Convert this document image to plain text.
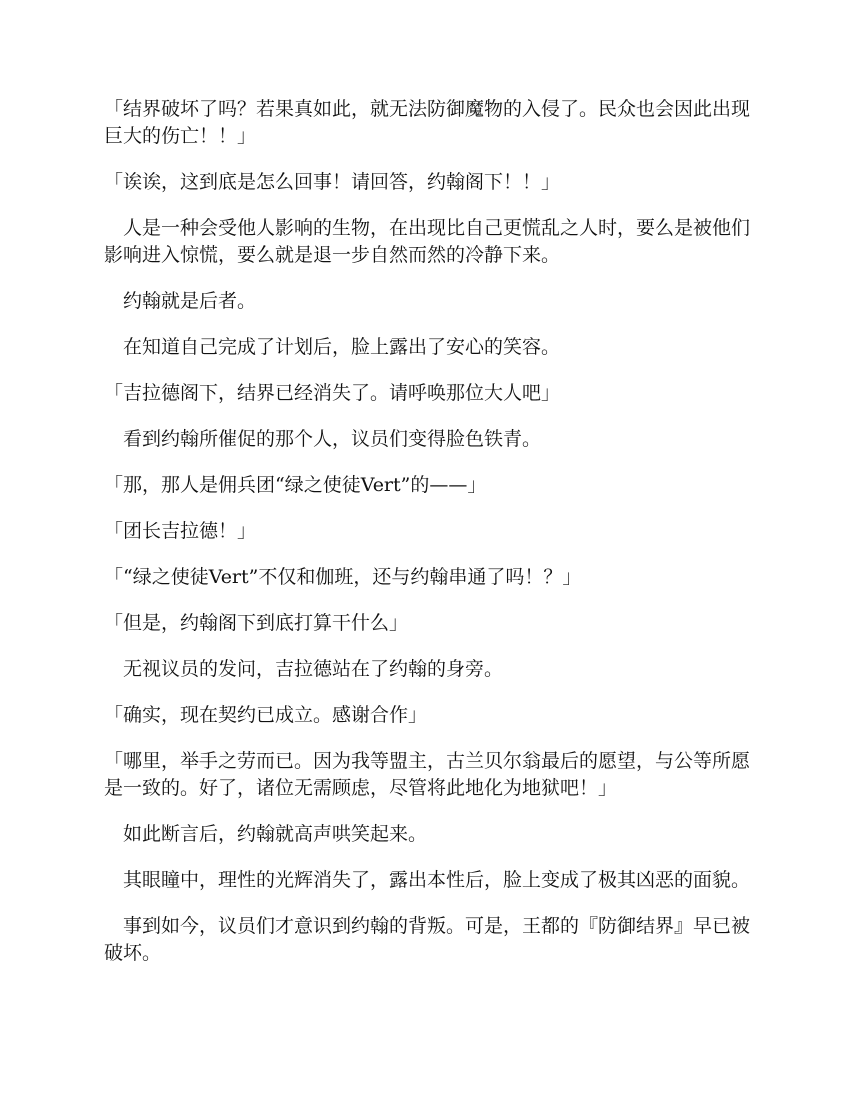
「结界破坏了吗？若果真如此，就无法防御魔物的入侵了。民众也会因此出现巨大的伤亡！！」

「诶诶，这到底是怎么回事！请回答，约翰阁下！！」

人是一种会受他人影响的生物，在出现比自己更慌乱之人时，要么是被他们影响进入惊慌，要么就是退一步自然而然的冷静下来。

约翰就是后者。

在知道自己完成了计划后，脸上露出了安心的笑容。

「吉拉德阁下，结界已经消失了。请呼唤那位大人吧」

看到约翰所催促的那个人，议员们变得脸色铁青。

「那，那人是佣兵团“绿之使徒Vert”的——」

「团长吉拉德！」

「“绿之使徒Vert”不仅和伽班，还与约翰串通了吗！？」

「但是，约翰阁下到底打算干什么」

无视议员的发问，吉拉德站在了约翰的身旁。

「确实，现在契约已成立。感谢合作」

「哪里，举手之劳而已。因为我等盟主，古兰贝尔翁最后的愿望，与公等所愿是一致的。好了，诸位无需顾虑，尽管将此地化为地狱吧！」

如此断言后，约翰就高声哄笑起来。

其眼瞳中，理性的光辉消失了，露出本性后，脸上变成了极其凶恶的面貌。

事到如今，议员们才意识到约翰的背叛。可是，王都的『防御结界』早已被破坏。
